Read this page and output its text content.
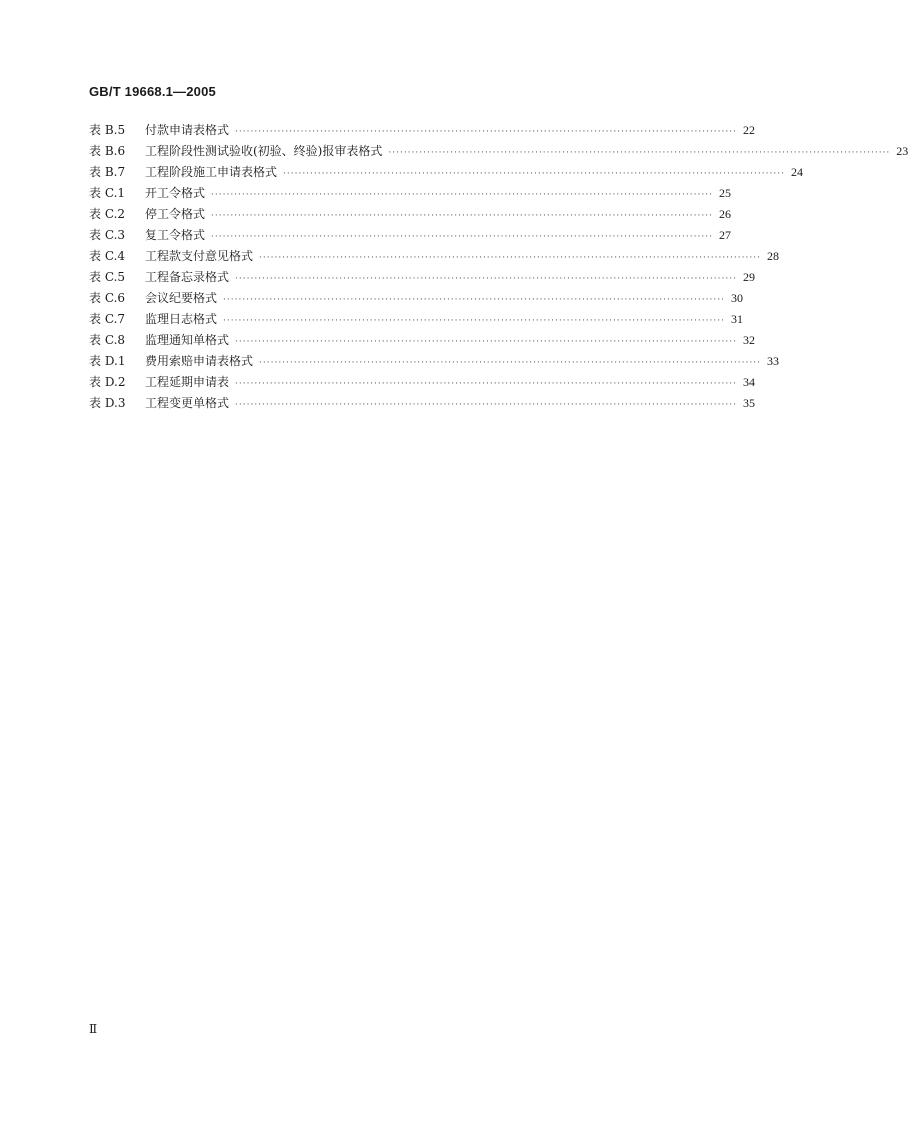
GB/T 19668.1—2005
表 B.5	付款申请表格式 ·································································································································· 22
表 B.6	工程阶段性测试验收(初验、终验)报审表格式 ·································································································································· 23
表 B.7	工程阶段施工申请表格式 ·································································································································· 24
表 C.1	开工令格式 ·································································································································· 25
表 C.2	停工令格式 ·································································································································· 26
表 C.3	复工令格式 ·································································································································· 27
表 C.4	工程款支付意见格式 ·································································································································· 28
表 C.5	工程备忘录格式 ·································································································································· 29
表 C.6	会议纪要格式 ·································································································································· 30
表 C.7	监理日志格式 ·································································································································· 31
表 C.8	监理通知单格式 ·································································································································· 32
表 D.1	费用索赔申请表格式 ·································································································································· 33
表 D.2	工程延期申请表 ·································································································································· 34
表 D.3	工程变更单格式 ·································································································································· 35
Ⅱ
